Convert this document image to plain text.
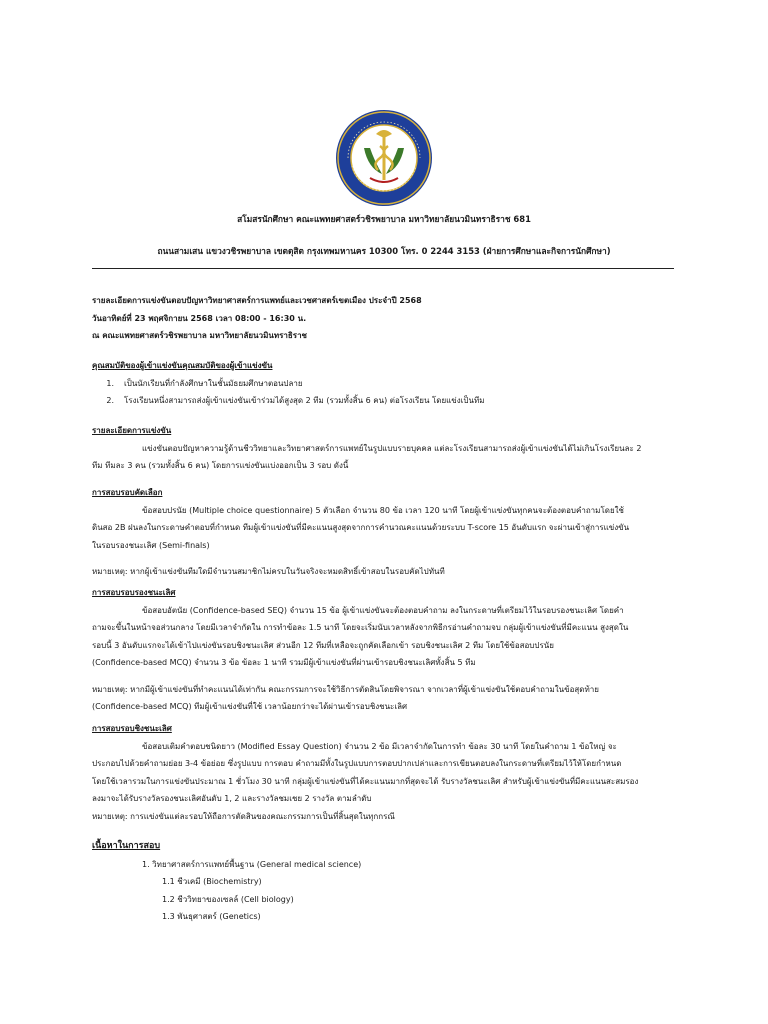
สโมสรนักศึกษา คณะแพทยศาสตร์วชิรพยาบาล มหาวิทยาลัยนวมินทราธิราช 681
ถนนสามเสน แขวงวชิรพยาบาล เขตดุสิต กรุงเทพมหานคร 10300 โทร. 0 2244 3153 (ฝ่ายการศึกษาและกิจการนักศึกษา)
รายละเอียดการแข่งขันตอบปัญหาวิทยาศาสตร์การแพทย์และเวชศาสตร์เขตเมือง ประจำปี 2568
วันอาทิตย์ที่ 23 พฤศจิกายน 2568 เวลา 08:00 - 16:30 น.
ณ คณะแพทยศาสตร์วชิรพยาบาล มหาวิทยาลัยนวมินทราธิราช
คุณสมบัติของผู้เข้าแข่งขันคุณสมบัติของผู้เข้าแข่งขัน
1.	เป็นนักเรียนที่กำลังศึกษาในชั้นมัธยมศึกษาตอนปลาย
2.	โรงเรียนหนึ่งสามารถส่งผู้เข้าแข่งขันเข้าร่วมได้สูงสุด 2 ทีม (รวมทั้งสิ้น 6 คน) ต่อโรงเรียน โดยแข่งเป็นทีม
รายละเอียดการแข่งขัน
แข่งขันตอบปัญหาความรู้ด้านชีววิทยาและวิทยาศาสตร์การแพทย์ในรูปแบบรายบุคคล แต่ละโรงเรียนสามารถส่งผู้เข้าแข่งขันได้ไม่เกินโรงเรียนละ 2
ทีม ทีมละ 3 คน (รวมทั้งสิ้น 6 คน) โดยการแข่งขันแบ่งออกเป็น 3 รอบ ดังนี้
การสอบรอบคัดเลือก
ข้อสอบปรนัย (Multiple choice questionnaire) 5 ตัวเลือก จำนวน 80 ข้อ เวลา 120 นาที โดยผู้เข้าแข่งขันทุกคนจะต้องตอบคำถามโดยใช้
ดินสอ 2B ฝนลงในกระดาษคำตอบที่กำหนด ทีมผู้เข้าแข่งขันที่มีคะแนนสูงสุดจากการคำนวณคะแนนด้วยระบบ T-score 15 อันดับแรก จะผ่านเข้าสู่การแข่งขัน
ในรอบรองชนะเลิศ (Semi-finals)
หมายเหตุ: หากผู้เข้าแข่งขันทีมใดมีจำนวนสมาชิกไม่ครบในวันจริงจะหมดสิทธิ์เข้าสอบในรอบคัดไปทันที
การสอบรอบรองชนะเลิศ
ข้อสอบอัตนัย (Confidence-based SEQ) จำนวน 15 ข้อ ผู้เข้าแข่งขันจะต้องตอบคำถาม ลงในกระดาษที่เตรียมไว้ในรอบรองชนะเลิศ โดยคำ
ถามจะขึ้นในหน้าจอส่วนกลาง โดยมีเวลาจำกัดใน การทำข้อละ 1.5 นาที โดยจะเริ่มนับเวลาหลังจากพิธีกรอ่านคำถามจบ กลุ่มผู้เข้าแข่งขันที่มีคะแนน สูงสุดใน
รอบนี้ 3 อันดับแรกจะได้เข้าไปแข่งขันรอบชิงชนะเลิศ ส่วนอีก 12 ทีมที่เหลือจะถูกคัดเลือกเข้า รอบชิงชนะเลิศ 2 ทีม โดยใช้ข้อสอบปรนัย
(Confidence-based MCQ) จำนวน 3 ข้อ ข้อละ 1 นาที รวมมีผู้เข้าแข่งขันที่ผ่านเข้ารอบชิงชนะเลิศทั้งสิ้น 5 ทีม
หมายเหตุ: หากมีผู้เข้าแข่งขันที่ทำคะแนนได้เท่ากัน คณะกรรมการจะใช้วิธีการตัดสินโดยพิจารณา จากเวลาที่ผู้เข้าแข่งขันใช้ตอบคำถามในข้อสุดท้าย
(Confidence-based MCQ) ทีมผู้เข้าแข่งขันที่ใช้ เวลาน้อยกว่าจะได้ผ่านเข้ารอบชิงชนะเลิศ
การสอบรอบชิงชนะเลิศ
ข้อสอบเติมคำตอบชนิดยาว (Modified Essay Question) จำนวน 2 ข้อ มีเวลาจำกัดในการทำ ข้อละ 30 นาที โดยในคำถาม 1 ข้อใหญ่ จะ
ประกอบไปด้วยคำถามย่อย 3-4 ข้อย่อย ซึ่งรูปแบบ การตอบ คำถามมีทั้งในรูปแบบการตอบปากเปล่าและการเขียนตอบลงในกระดาษที่เตรียมไว้ให้โดยกำหนด
โดยใช้เวลารวมในการแข่งขันประมาณ 1 ชั่วโมง 30 นาที กลุ่มผู้เข้าแข่งขันที่ได้คะแนนมากที่สุดจะได้ รับรางวัลชนะเลิศ สำหรับผู้เข้าแข่งขันที่มีคะแนนสะสมรอง
ลงมาจะได้รับรางวัลรองชนะเลิศอันดับ 1, 2 และรางวัลชมเชย 2 รางวัล ตามลำดับ
หมายเหตุ: การแข่งขันแต่ละรอบให้ถือการตัดสินของคณะกรรมการเป็นที่สิ้นสุดในทุกกรณี
เนื้อหาในการสอบ
1. วิทยาศาสตร์การแพทย์พื้นฐาน (General medical science)
1.1 ชีวเคมี (Biochemistry)
1.2 ชีววิทยาของเซลล์ (Cell biology)
1.3 พันธุศาสตร์ (Genetics)
